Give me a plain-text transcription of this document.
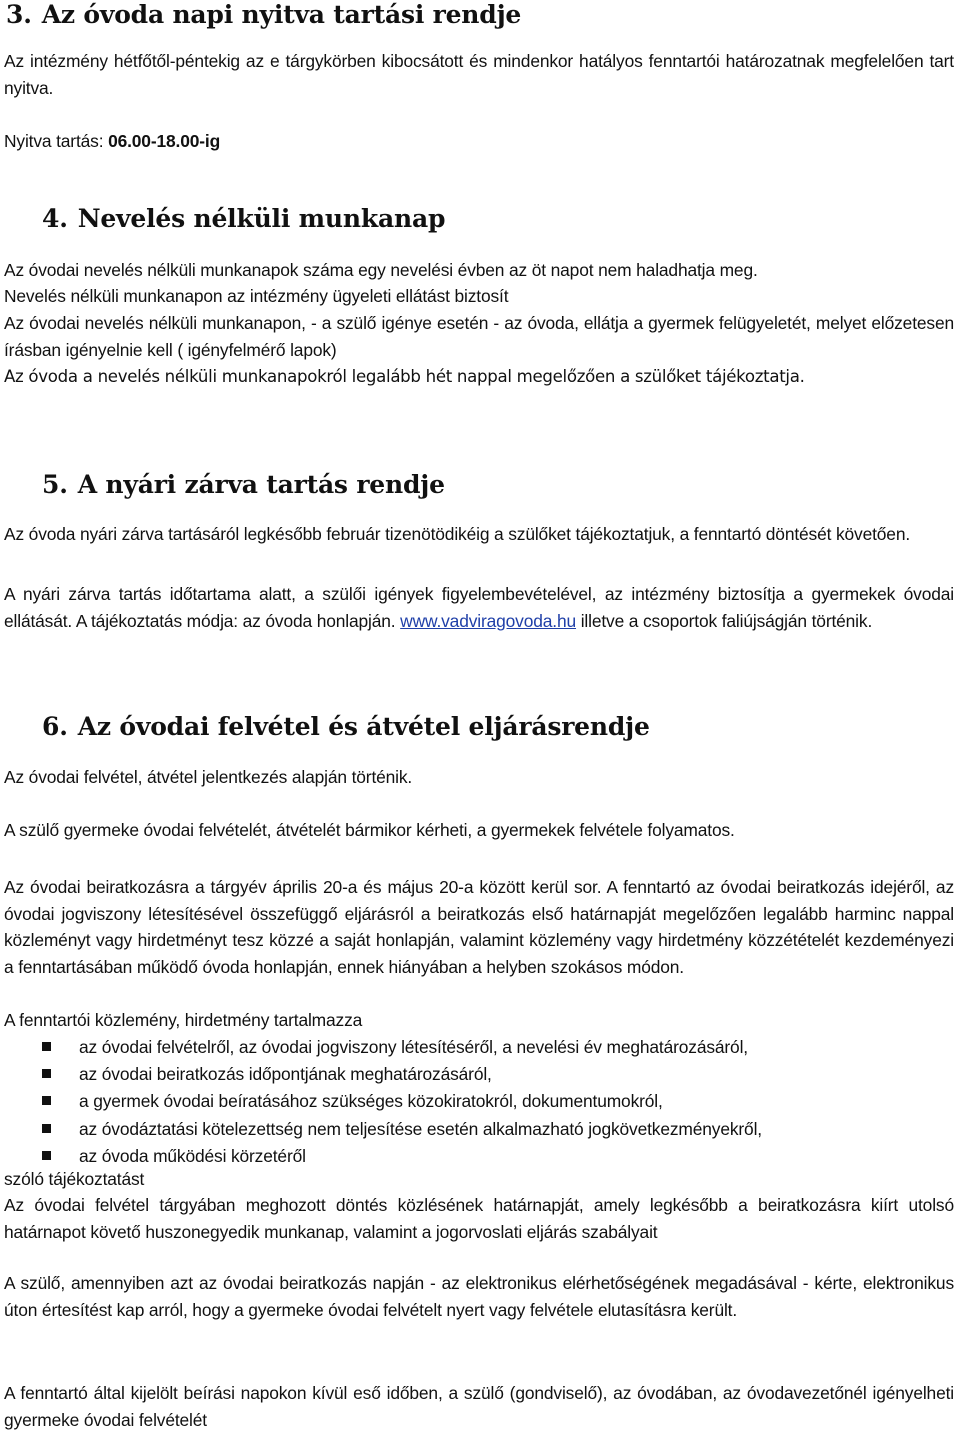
3. Az óvoda napi nyitva tartási rendje

Az intézmény hétfőtől-péntekig az e tárgykörben kibocsátott és mindenkor hatályos fenntartói határozatnak megfelelően tart nyitva.

Nyitva tartás: 06.00-18.00-ig

4. Nevelés nélküli munkanap

Az óvodai nevelés nélküli munkanapok száma egy nevelési évben az öt napot nem haladhatja meg.

Nevelés nélküli munkanapon az intézmény ügyeleti ellátást biztosít

Az óvodai nevelés nélküli munkanapon, - a szülő igénye esetén - az óvoda, ellátja a gyermek felügyeletét, melyet előzetesen írásban igényelnie kell ( igényfelmérő lapok)

Az óvoda a nevelés nélküli munkanapokról legalább hét nappal megelőzően a szülőket tájékoztatja.

5. A nyári zárva tartás rendje

Az óvoda nyári zárva tartásáról legkésőbb február tizenötödikéig a szülőket tájékoztatjuk, a fenntartó döntését követően.

A nyári zárva tartás időtartama alatt, a szülői igények figyelembevételével, az intézmény biztosítja a gyermekek óvodai ellátását. A tájékoztatás módja: az óvoda honlapján. www.vadviragovoda.hu illetve a csoportok faliújságján történik.

6. Az óvodai felvétel és átvétel eljárásrendje

Az óvodai felvétel, átvétel jelentkezés alapján történik.

A szülő gyermeke óvodai felvételét, átvételét bármikor kérheti, a gyermekek felvétele folyamatos.

Az óvodai beiratkozásra a tárgyév április 20-a és május 20-a között kerül sor. A fenntartó az óvodai beiratkozás idejéről, az óvodai jogviszony létesítésével összefüggő eljárásról a beiratkozás első határnapját megelőzően legalább harminc nappal közleményt vagy hirdetményt tesz közzé a saját honlapján, valamint közlemény vagy hirdetmény közzétételét kezdeményezi a fenntartásában működő óvoda honlapján, ennek hiányában a helyben szokásos módon.

A fenntartói közlemény, hirdetmény tartalmazza

az óvodai felvételről, az óvodai jogviszony létesítéséről, a nevelési év meghatározásáról,
az óvodai beiratkozás időpontjának meghatározásáról,
a gyermek óvodai beíratásához szükséges közokiratokról, dokumentumokról,
az óvodáztatási kötelezettség nem teljesítése esetén alkalmazható jogkövetkezményekről,
az óvoda működési körzetéről

szóló tájékoztatást

Az óvodai felvétel tárgyában meghozott döntés közlésének határnapját, amely legkésőbb a beiratkozásra kiírt utolsó határnapot követő huszonegyedik munkanap, valamint a jogorvoslati eljárás szabályait

A szülő, amennyiben azt az óvodai beiratkozás napján - az elektronikus elérhetőségének megadásával - kérte, elektronikus úton értesítést kap arról, hogy a gyermeke óvodai felvételt nyert vagy felvétele elutasításra került.

A fenntartó által kijelölt beírási napokon kívül eső időben, a szülő (gondviselő), az óvodában, az óvodavezetőnél igényelheti gyermeke óvodai felvételét
